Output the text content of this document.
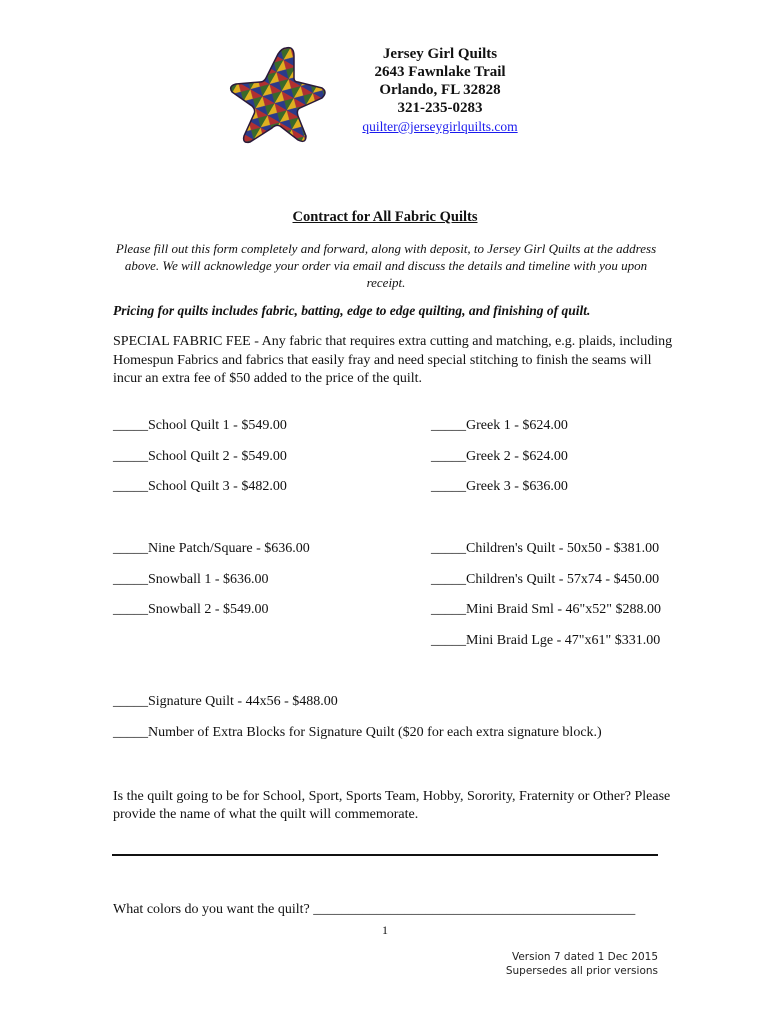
Jersey Girl Quilts
2643 Fawnlake Trail
Orlando, FL 32828
321-235-0283
quilter@jerseygirlquilts.com
Contract for All Fabric Quilts
Please fill out this form completely and forward, along with deposit, to Jersey Girl Quilts at the address above. We will acknowledge your order via email and discuss the details and timeline with you upon receipt.
Pricing for quilts includes fabric, batting, edge to edge quilting, and finishing of quilt.
SPECIAL FABRIC FEE - Any fabric that requires extra cutting and matching, e.g. plaids, including Homespun Fabrics and fabrics that easily fray and need special stitching to finish the seams will incur an extra fee of $50 added to the price of the quilt.
_____School Quilt 1 - $549.00
_____School Quilt 2 - $549.00
_____School Quilt 3 - $482.00
_____Nine Patch/Square - $636.00
_____Snowball 1 - $636.00
_____Snowball 2 - $549.00
_____Greek 1 - $624.00
_____Greek 2 - $624.00
_____Greek 3 - $636.00
_____Children's Quilt - 50x50 - $381.00
_____Children's Quilt - 57x74 - $450.00
_____Mini Braid Sml - 46"x52" $288.00
_____Mini Braid Lge - 47"x61" $331.00
_____Signature Quilt - 44x56 - $488.00
_____Number of Extra Blocks for Signature Quilt ($20 for each extra signature block.)
Is the quilt going to be for School, Sport, Sports Team, Hobby, Sorority, Fraternity or Other? Please provide the name of what the quilt will commemorate.
What colors do you want the quilt? ______________________________________________
1
Version 7 dated 1 Dec 2015
Supersedes all prior versions
